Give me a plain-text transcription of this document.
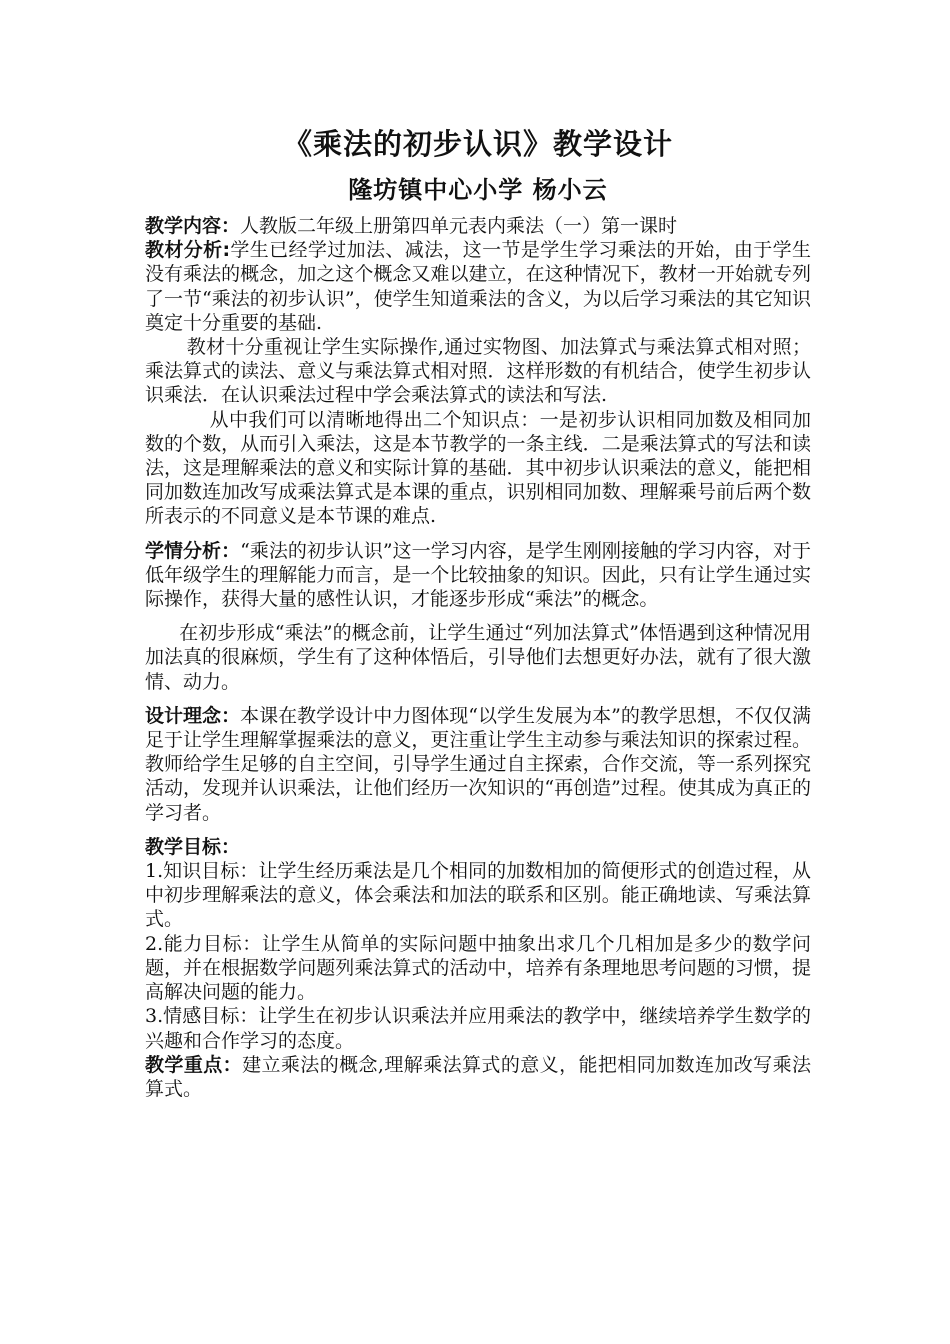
《乘法的初步认识》教学设计
隆坊镇中心小学 杨小云

教学内容：人教版二年级上册第四单元表内乘法（一）第一课时

教材分析:学生已经学过加法、减法，这一节是学生学习乘法的开始，由于学生没有乘法的概念，加之这个概念又难以建立，在这种情况下，教材一开始就专列了一节“乘法的初步认识”，使学生知道乘法的含义，为以后学习乘法的其它知识奠定十分重要的基础.

教材十分重视让学生实际操作,通过实物图、加法算式与乘法算式相对照；乘法算式的读法、意义与乘法算式相对照．这样形数的有机结合，使学生初步认识乘法．在认识乘法过程中学会乘法算式的读法和写法.

从中我们可以清晰地得出二个知识点：一是初步认识相同加数及相同加数的个数，从而引入乘法，这是本节教学的一条主线．二是乘法算式的写法和读法，这是理解乘法的意义和实际计算的基础．其中初步认识乘法的意义，能把相同加数连加改写成乘法算式是本课的重点，识别相同加数、理解乘号前后两个数所表示的不同意义是本节课的难点.

学情分析：“乘法的初步认识”这一学习内容，是学生刚刚接触的学习内容，对于低年级学生的理解能力而言，是一个比较抽象的知识。因此，只有让学生通过实际操作，获得大量的感性认识，才能逐步形成“乘法”的概念。

在初步形成“乘法”的概念前，让学生通过“列加法算式”体悟遇到这种情况用加法真的很麻烦，学生有了这种体悟后，引导他们去想更好办法，就有了很大激情、动力。

设计理念：本课在教学设计中力图体现“以学生发展为本”的教学思想，不仅仅满足于让学生理解掌握乘法的意义，更注重让学生主动参与乘法知识的探索过程。教师给学生足够的自主空间，引导学生通过自主探索，合作交流，等一系列探究活动，发现并认识乘法，让他们经历一次知识的“再创造”过程。使其成为真正的学习者。

教学目标：

1.知识目标：让学生经历乘法是几个相同的加数相加的简便形式的创造过程，从中初步理解乘法的意义，体会乘法和加法的联系和区别。能正确地读、写乘法算式。

2.能力目标：让学生从简单的实际问题中抽象出求几个几相加是多少的数学问题，并在根据数学问题列乘法算式的活动中，培养有条理地思考问题的习惯，提高解决问题的能力。

3.情感目标：让学生在初步认识乘法并应用乘法的教学中，继续培养学生数学的兴趣和合作学习的态度。

教学重点：建立乘法的概念,理解乘法算式的意义，能把相同加数连加改写乘法算式。
